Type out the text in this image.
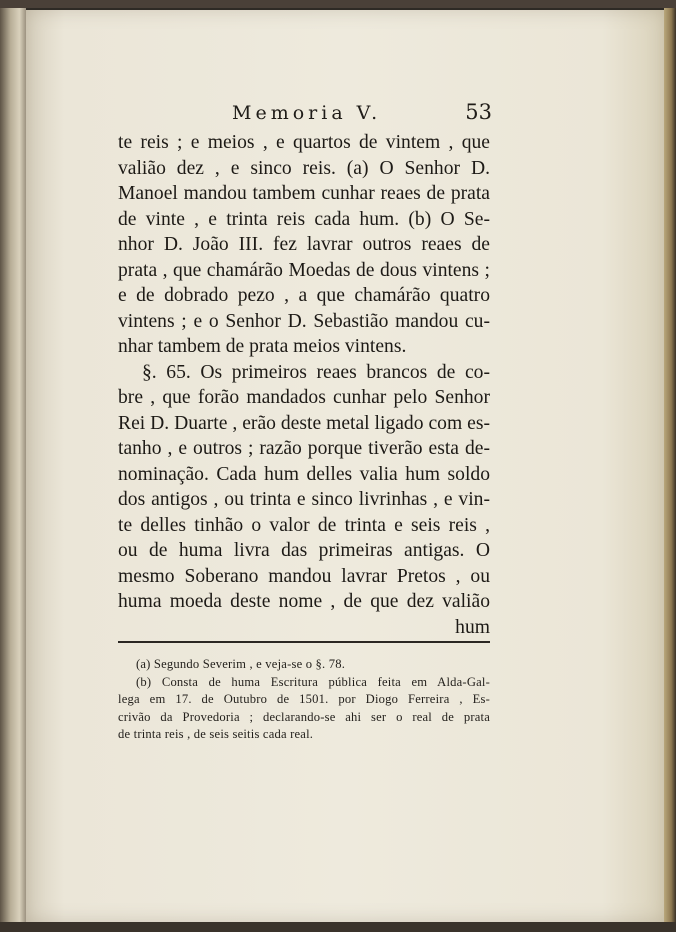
Memoria V.	53
te reis ; e meios , e quartos de vintem , que
valião dez , e sinco reis. (a) O Senhor D.
Manoel mandou tambem cunhar reaes de prata
de vinte , e trinta reis cada hum. (b) O Se-
nhor D. João III. fez lavrar outros reaes de
prata , que chamárão Moedas de dous vintens ;
e de dobrado pezo , a que chamárão quatro
vintens ; e o Senhor D. Sebastião mandou cu-
nhar tambem de prata meios vintens.
§. 65. Os primeiros reaes brancos de co-
bre , que forão mandados cunhar pelo Senhor
Rei D. Duarte , erão deste metal ligado com es-
tanho , e outros ; razão porque tiverão esta de-
nominação. Cada hum delles valia hum soldo
dos antigos , ou trinta e sinco livrinhas , e vin-
te delles tinhão o valor de trinta e seis reis ,
ou de huma livra das primeiras antigas. O
mesmo Soberano mandou lavrar Pretos , ou
huma moeda deste nome , de que dez valião
hum
(a) Segundo Severim , e veja-se o §. 78.
(b) Consta de huma Escritura pública feita em Alda-Gal-
lega em 17. de Outubro de 1501. por Diogo Ferreira , Es-
crivão da Provedoria ; declarando-se ahi ser o real de prata
de trinta reis , de seis seitis cada real.
